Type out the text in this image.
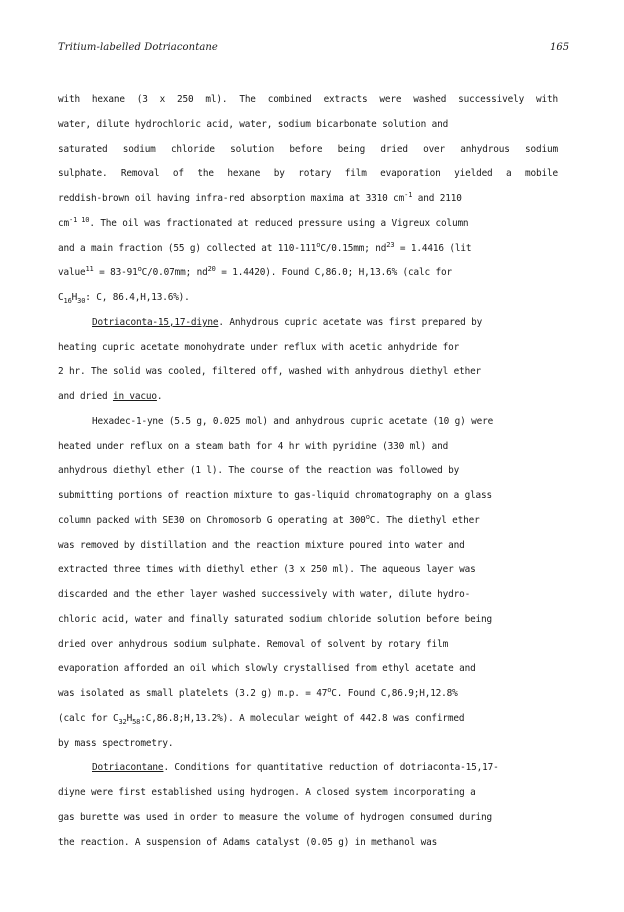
Tritium-labelled Dotriacontane	165
with hexane (3 x 250 ml). The combined extracts were washed successively with
water, dilute hydrochloric acid, water, sodium bicarbonate solution and
saturated sodium chloride solution before being dried over anhydrous sodium
sulphate. Removal of the hexane by rotary film evaporation yielded a mobile
reddish-brown oil having infra-red absorption maxima at 3310 $cm^{-1}$ and 2110
$cm^{-1 10}$. The oil was fractionated at reduced pressure using a Vigreux column
and a main fraction (55 g) collected at 110-111$^o$C/0.15mm; $nd^{23} = 1.4416$ (lit
value$^{11}$ = $83-91^oC/0.07mm$; $nd^{20} = 1.4420$). Found C,86.0; H,13.6% (calc for
$C_{16}H_{30}$: C, 86.4,H,13.6%).
Dotriaconta-15,17-diyne. Anhydrous cupric acetate was first prepared by
heating cupric acetate monohydrate under reflux with acetic anhydride for
2 hr. The solid was cooled, filtered off, washed with anhydrous diethyl ether
and dried in vacuo.
Hexadec-1-yne (5.5 g, 0.025 mol) and anhydrous cupric acetate (10 g) were
heated under reflux on a steam bath for 4 hr with pyridine (330 ml) and
anhydrous diethyl ether (1 l). The course of the reaction was followed by
submitting portions of reaction mixture to gas-liquid chromatography on a glass
column packed with SE30 on Chromosorb G operating at 300$^o$C. The diethyl ether
was removed by distillation and the reaction mixture poured into water and
extracted three times with diethyl ether (3 x 250 ml). The aqueous layer was
discarded and the ether layer washed successively with water, dilute hydro-
chloric acid, water and finally saturated sodium chloride solution before being
dried over anhydrous sodium sulphate. Removal of solvent by rotary film
evaporation afforded an oil which slowly crystallised from ethyl acetate and
was isolated as small platelets (3.2 g) m.p. = $47^oC$. Found C,86.9;H,12.8%
(calc for $C_{32}H_{58}:C,86.8;H,13.2\%$). A molecular weight of 442.8 was confirmed
by mass spectrometry.
Dotriacontane. Conditions for quantitative reduction of dotriaconta-15,17-
diyne were first established using hydrogen. A closed system incorporating a
gas burette was used in order to measure the volume of hydrogen consumed during
the reaction. A suspension of Adams catalyst (0.05 g) in methanol was
